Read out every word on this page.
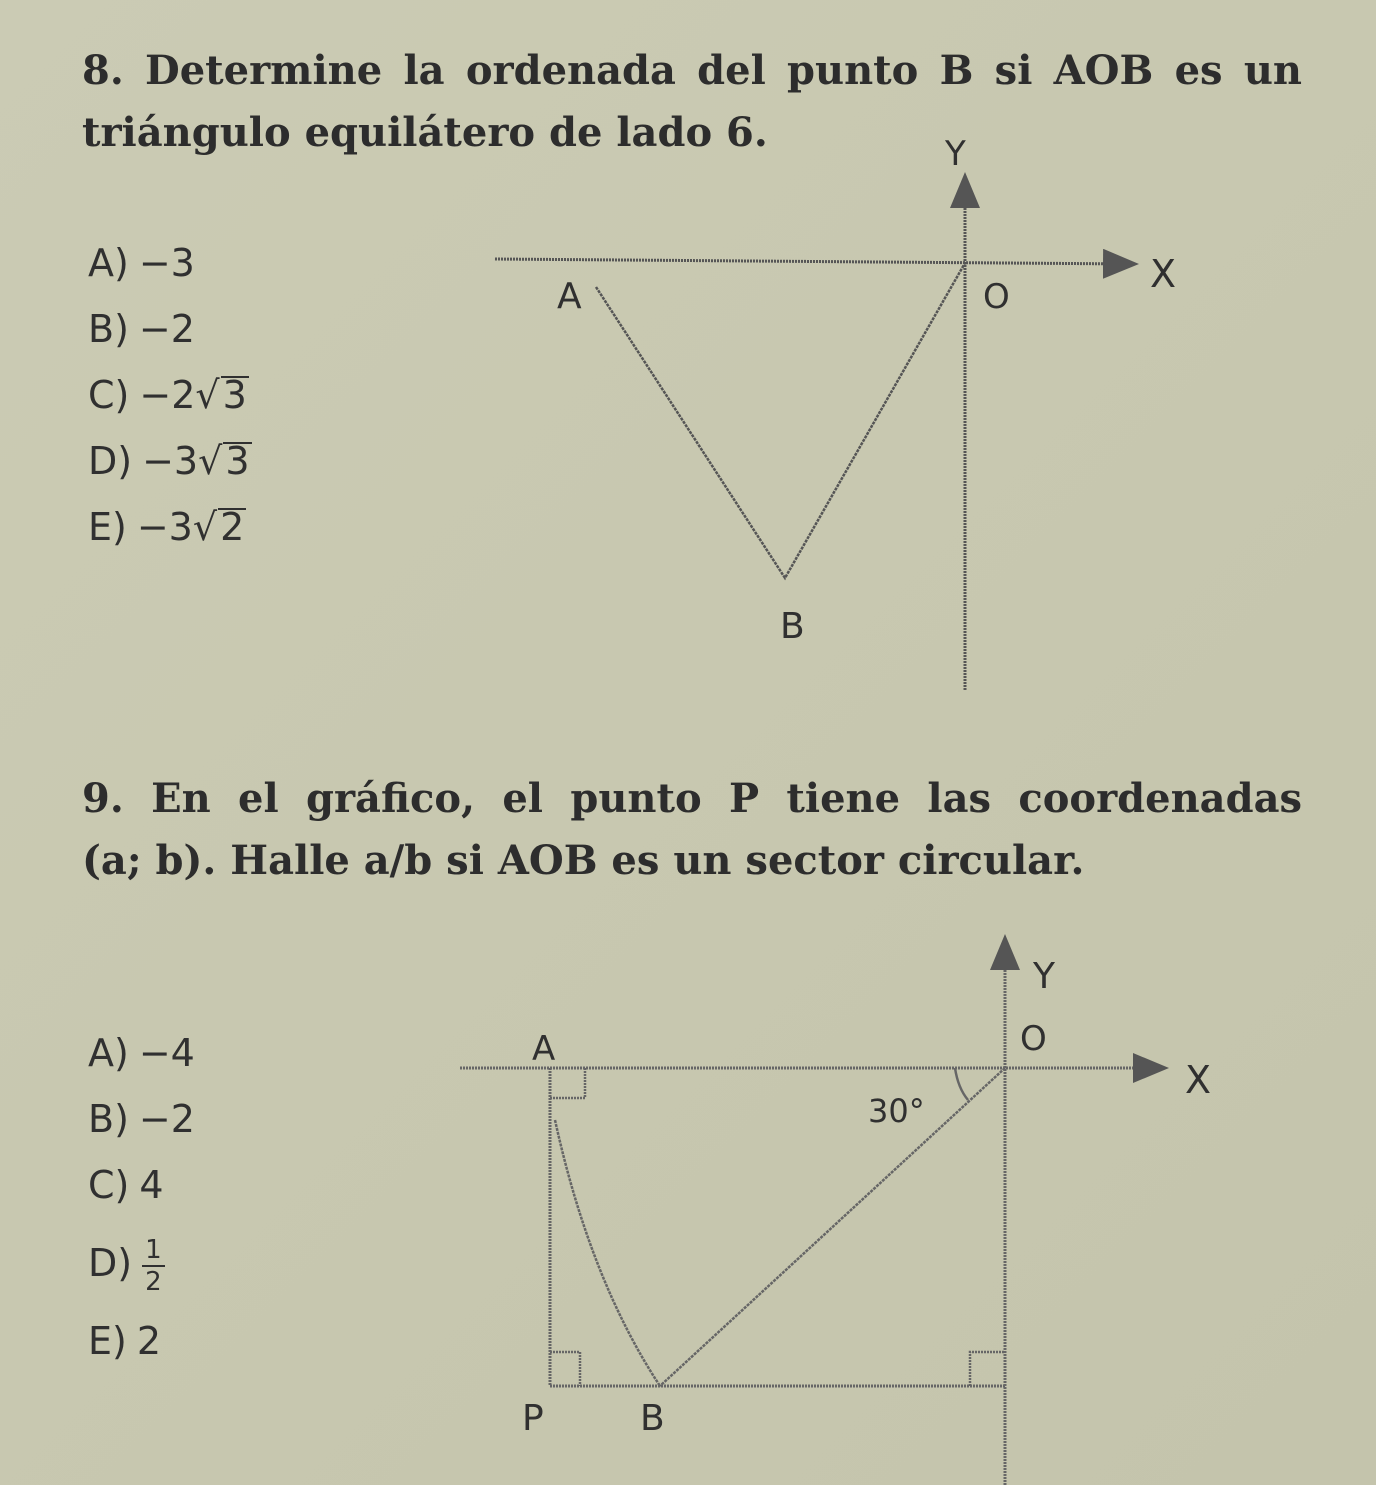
8. Determine la ordenada del punto B si AOB es un
triángulo equilátero de lado 6.

A) −3
B) −2
C) −2√3
D) −3√3
E) −3√2

9. En el gráfico, el punto P tiene las coordenadas
(a; b). Halle a/b si AOB es un sector circular.

A) −4
B) −2
C) 4
$D) \frac{1}{2}$
E) 2
Y
X
A	O
B
Y
X
A	O
30°
P	B
